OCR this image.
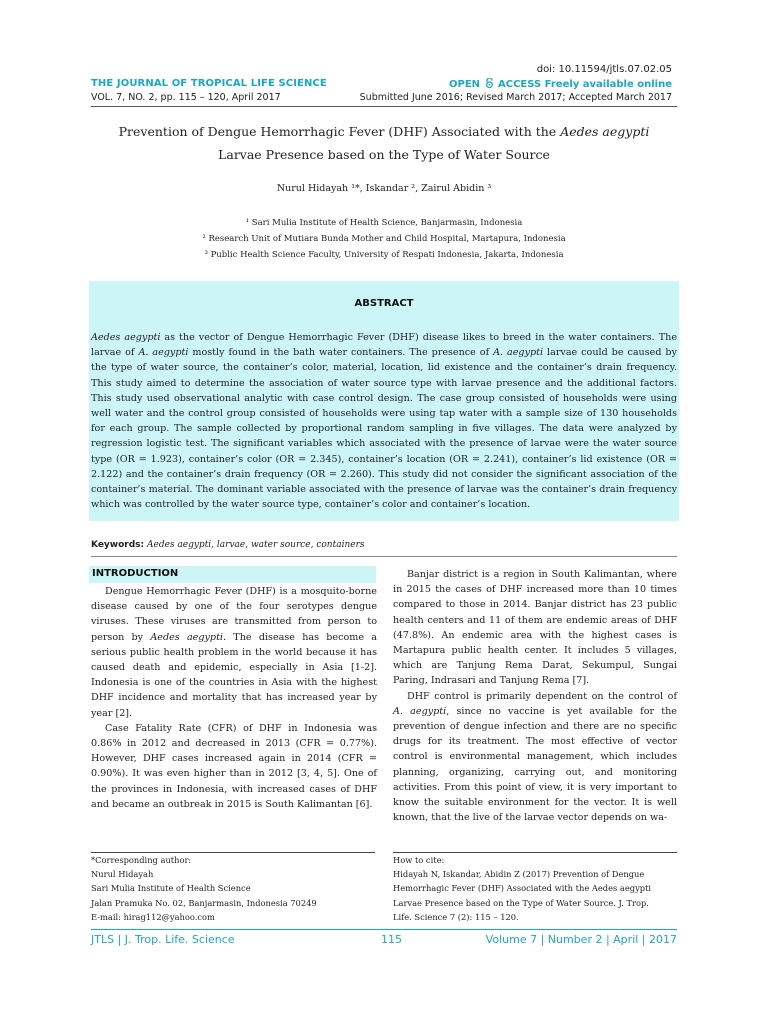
doi: 10.11594/jtls.07.02.05
THE JOURNAL OF TROPICAL LIFE SCIENCE	OPEN ACCESS Freely available online
VOL. 7, NO. 2, pp. 115 – 120, April 2017	Submitted June 2016; Revised March 2017; Accepted March 2017
Prevention of Dengue Hemorrhagic Fever (DHF) Associated with the Aedes aegypti Larvae Presence based on the Type of Water Source
Nurul Hidayah ¹*, Iskandar ², Zairul Abidin ³
¹ Sari Mulia Institute of Health Science, Banjarmasin, Indonesia
² Research Unit of Mutiara Bunda Mother and Child Hospital, Martapura, Indonesia
³ Public Health Science Faculty, University of Respati Indonesia, Jakarta, Indonesia
ABSTRACT
Aedes aegypti as the vector of Dengue Hemorrhagic Fever (DHF) disease likes to breed in the water containers. The larvae of A. aegypti mostly found in the bath water containers. The presence of A. aegypti larvae could be caused by the type of water source, the container’s color, material, location, lid existence and the container’s drain frequency. This study aimed to determine the association of water source type with larvae presence and the additional factors. This study used observational analytic with case control design. The case group consisted of households were using well water and the control group consisted of households were using tap water with a sample size of 130 households for each group. The sample collected by proportional random sampling in five villages. The data were analyzed by regression logistic test. The significant variables which associated with the presence of larvae were the water source type (OR = 1.923), container’s color (OR = 2.345), container’s location (OR = 2.241), container’s lid existence (OR = 2.122) and the container’s drain frequency (OR = 2.260). This study did not consider the significant association of the container’s material. The dominant variable associated with the presence of larvae was the container’s drain frequency which was controlled by the water source type, container’s color and container’s location.
Keywords: Aedes aegypti, larvae, water source, containers
INTRODUCTION

Dengue Hemorrhagic Fever (DHF) is a mosquito-borne disease caused by one of the four serotypes dengue viruses. These viruses are transmitted from person to person by Aedes aegypti. The disease has become a serious public health problem in the world because it has caused death and epidemic, especially in Asia [1-2]. Indonesia is one of the countries in Asia with the highest DHF incidence and mortality that has increased year by year [2].

Case Fatality Rate (CFR) of DHF in Indonesia was 0.86% in 2012 and decreased in 2013 (CFR = 0.77%). However, DHF cases increased again in 2014 (CFR = 0.90%). It was even higher than in 2012 [3, 4, 5]. One of the provinces in Indonesia, with increased cases of DHF and became an outbreak in 2015 is South Kalimantan [6].

Banjar district is a region in South Kalimantan, where in 2015 the cases of DHF increased more than 10 times compared to those in 2014. Banjar district has 23 public health centers and 11 of them are endemic areas of DHF (47.8%). An endemic area with the highest cases is Martapura public health center. It includes 5 villages, which are Tanjung Rema Darat, Sekumpul, Sungai Paring, Indrasari and Tanjung Rema [7].

DHF control is primarily dependent on the control of A. aegypti, since no vaccine is yet available for the prevention of dengue infection and there are no specific drugs for its treatment. The most effective of vector control is environmental management, which includes planning, organizing, carrying out, and monitoring activities. From this point of view, it is very important to know the suitable environment for the vector. It is well known, that the live of the larvae vector depends on wa-

*Corresponding author:
Nurul Hidayah
Sari Mulia Institute of Health Science
Jalan Pramuka No. 02, Banjarmasin, Indonesia 70249
E-mail: hirag112@yahoo.com
How to cite:
Hidayah N, Iskandar, Abidin Z (2017) Prevention of Dengue
Hemorrhagic Fever (DHF) Associated with the Aedes aegypti
Larvae Presence based on the Type of Water Source. J. Trop.
Life. Science 7 (2): 115 – 120.
JTLS | J. Trop. Life. Science	115	Volume 7 | Number 2 | April | 2017
